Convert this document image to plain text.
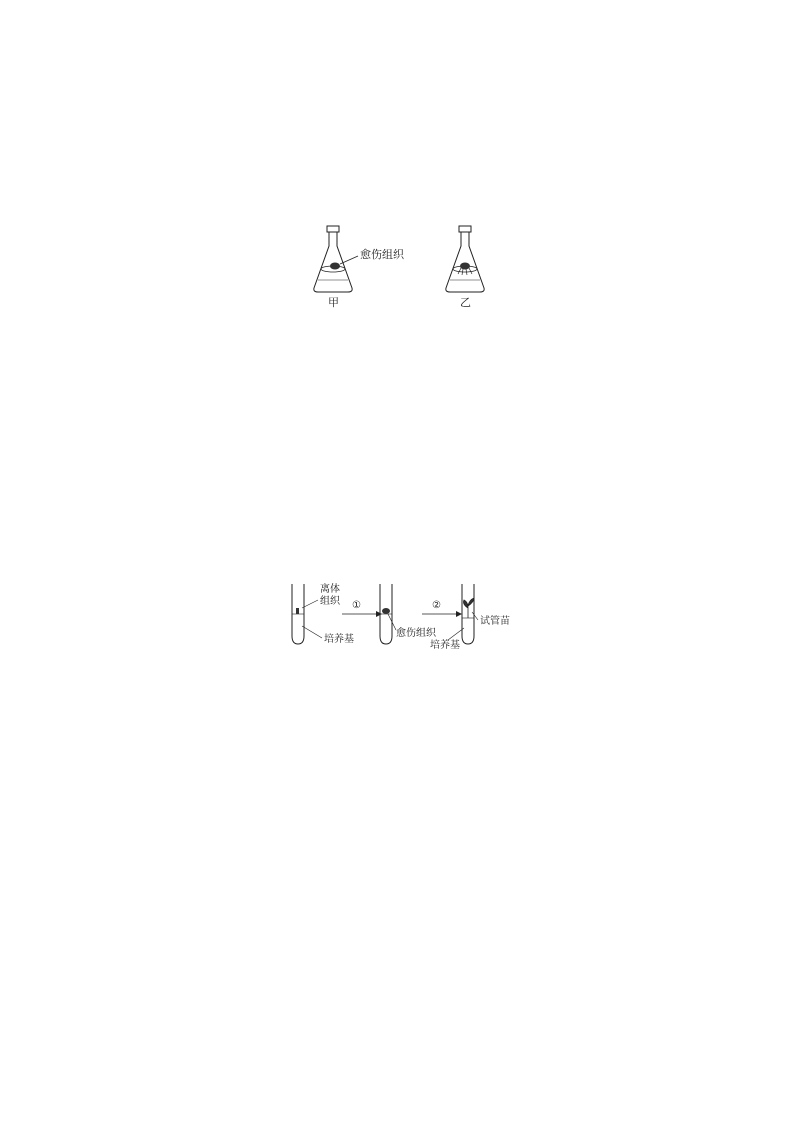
愈伤组织
甲	乙
离体
组织
培养基
①
愈伤组织
②
试管苗
培养基
